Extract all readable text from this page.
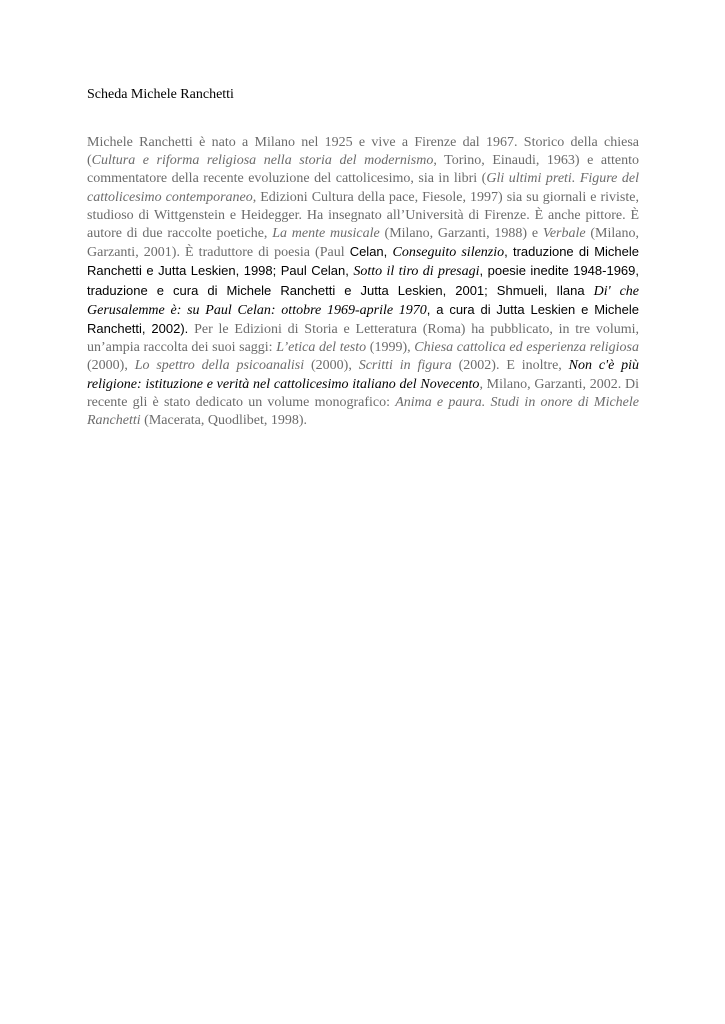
Scheda Michele Ranchetti

Michele Ranchetti è nato a Milano nel 1925 e vive a Firenze dal 1967. Storico della chiesa (Cultura e riforma religiosa nella storia del modernismo, Torino, Einaudi, 1963) e attento commentatore della recente evoluzione del cattolicesimo, sia in libri (Gli ultimi preti. Figure del cattolicesimo contemporaneo, Edizioni Cultura della pace, Fiesole, 1997) sia su giornali e riviste, studioso di Wittgenstein e Heidegger. Ha insegnato all’Università di Firenze. È anche pittore. È autore di due raccolte poetiche, La mente musicale (Milano, Garzanti, 1988) e Verbale (Milano, Garzanti, 2001). È traduttore di poesia (Paul Celan, Conseguito silenzio, traduzione di Michele Ranchetti e Jutta Leskien, 1998; Paul Celan, Sotto il tiro di presagi, poesie inedite 1948-1969, traduzione e cura di Michele Ranchetti e Jutta Leskien, 2001; Shmueli, Ilana Di' che Gerusalemme è: su Paul Celan: ottobre 1969-aprile 1970, a cura di Jutta Leskien e Michele Ranchetti, 2002). Per le Edizioni di Storia e Letteratura (Roma) ha pubblicato, in tre volumi, un’ampia raccolta dei suoi saggi: L’etica del testo (1999), Chiesa cattolica ed esperienza religiosa (2000), Lo spettro della psicoanalisi (2000), Scritti in figura (2002). E inoltre, Non c'è più religione: istituzione e verità nel cattolicesimo italiano del Novecento, Milano, Garzanti, 2002. Di recente gli è stato dedicato un volume monografico: Anima e paura. Studi in onore di Michele Ranchetti (Macerata, Quodlibet, 1998).
